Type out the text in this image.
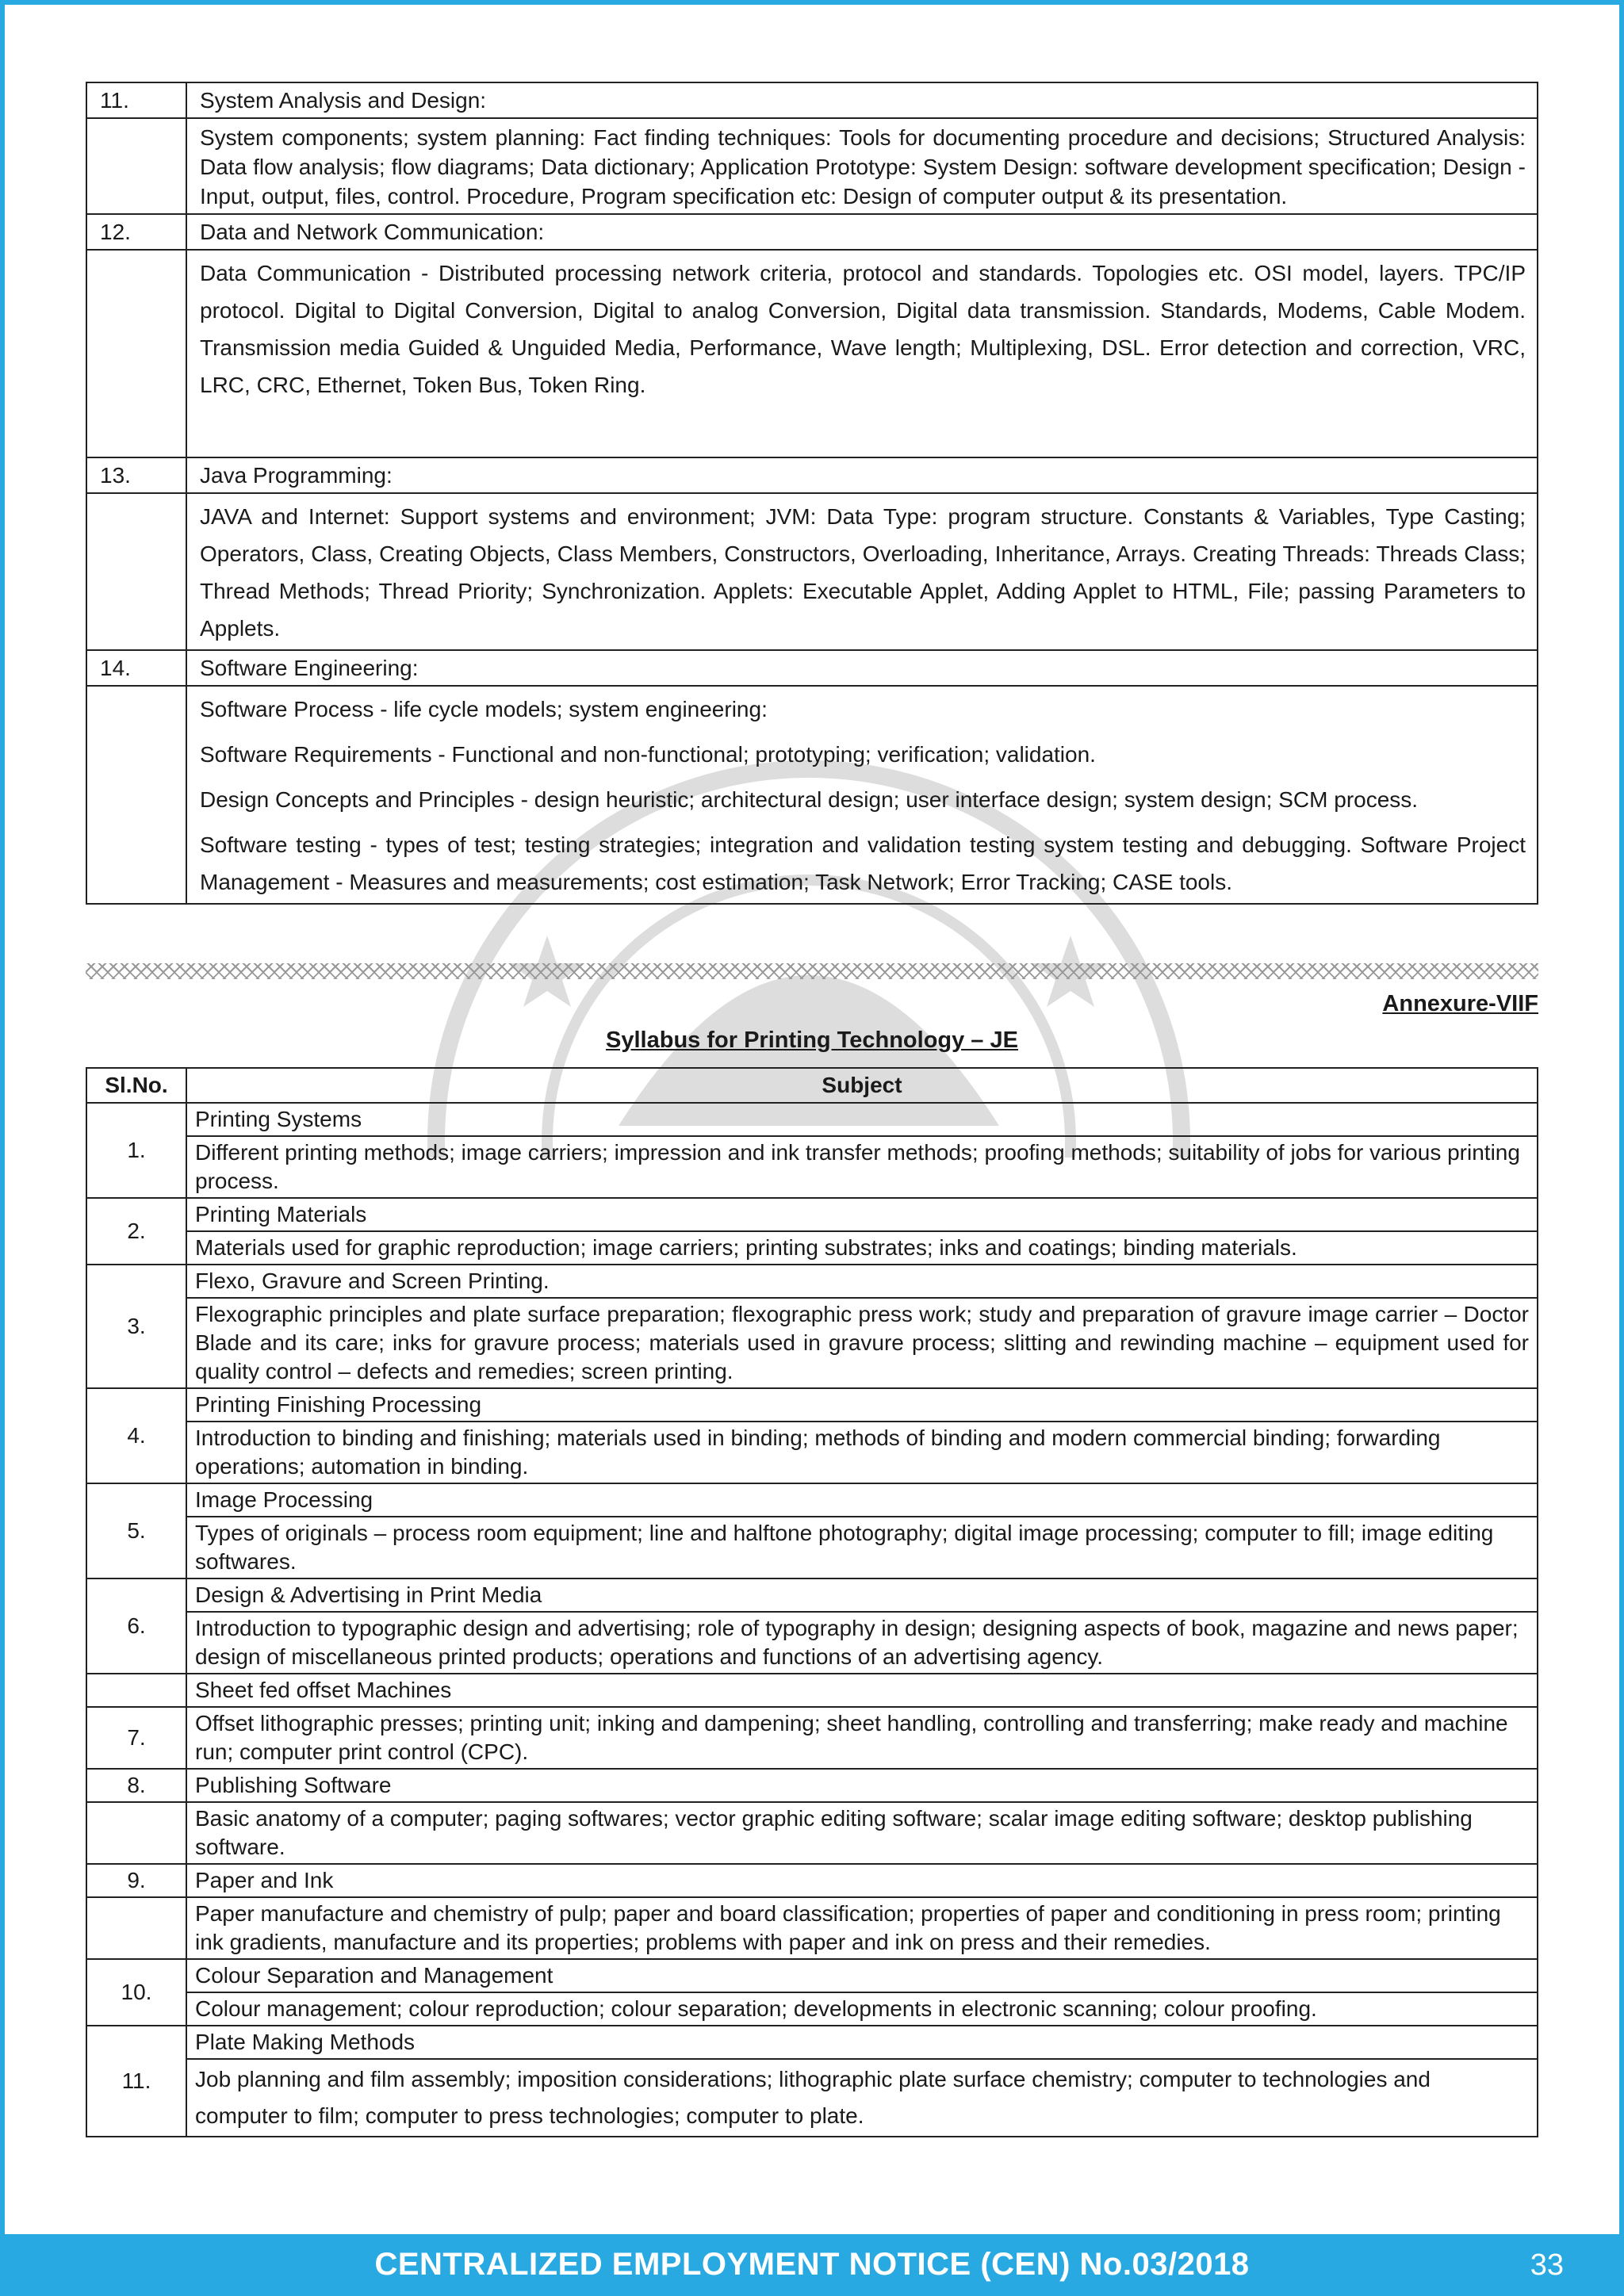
11.	System Analysis and Design:

	System components; system planning: Fact finding techniques: Tools for documenting procedure and decisions; Structured Analysis: Data flow analysis; flow diagrams; Data dictionary; Application Prototype: System Design: software development specification; Design - Input, output, files, control. Procedure, Program specification etc: Design of computer output & its presentation.

12.	Data and Network Communication:

	Data Communication - Distributed processing network criteria, protocol and standards. Topologies etc. OSI model, layers. TPC/IP protocol. Digital to Digital Conversion, Digital to analog Conversion, Digital data transmission. Standards, Modems, Cable Modem. Transmission media Guided & Unguided Media, Performance, Wave length; Multiplexing, DSL. Error detection and correction, VRC, LRC, CRC, Ethernet, Token Bus, Token Ring.

13.	Java Programming:

	JAVA and Internet: Support systems and environment; JVM: Data Type: program structure. Constants & Variables, Type Casting; Operators, Class, Creating Objects, Class Members, Constructors, Overloading, Inheritance, Arrays. Creating Threads: Threads Class; Thread Methods; Thread Priority; Synchronization. Applets: Executable Applet, Adding Applet to HTML, File; passing Parameters to Applets.

14.	Software Engineering:

	Software Process - life cycle models; system engineering:
Software Requirements - Functional and non-functional; prototyping; verification; validation.
Design Concepts and Principles - design heuristic; architectural design; user interface design; system design; SCM process.
Software testing - types of test; testing strategies; integration and validation testing system testing and debugging. Software Project Management - Measures and measurements; cost estimation; Task Network; Error Tracking; CASE tools.
Annexure-VIIF
Syllabus for Printing Technology – JE
Sl.No.	Subject
1.	Printing Systems
	Different printing methods; image carriers; impression and ink transfer methods; proofing methods; suitability of jobs for various printing process.
2.	Printing Materials
	Materials used for graphic reproduction; image carriers; printing substrates; inks and coatings; binding materials.
3.	Flexo, Gravure and Screen Printing.
	Flexographic principles and plate surface preparation; flexographic press work; study and preparation of gravure image carrier – Doctor Blade and its care; inks for gravure process; materials used in gravure process; slitting and rewinding machine – equipment used for quality control – defects and remedies; screen printing.
4.	Printing Finishing Processing
	Introduction to binding and finishing; materials used in binding; methods of binding and modern commercial binding; forwarding operations; automation in binding.
5.	Image Processing
	Types of originals – process room equipment; line and halftone photography; digital image processing; computer to fill; image editing softwares.
6.	Design & Advertising in Print Media
	Introduction to typographic design and advertising; role of typography in design; designing aspects of book, magazine and news paper; design of miscellaneous printed products; operations and functions of an advertising agency.
	Sheet fed offset Machines
7.	Offset lithographic presses; printing unit; inking and dampening; sheet handling, controlling and transferring; make ready and machine run; computer print control (CPC).
8.	Publishing Software
	Basic anatomy of a computer; paging softwares; vector graphic editing software; scalar image editing software; desktop publishing software.
9.	Paper and Ink
	Paper manufacture and chemistry of pulp; paper and board classification; properties of paper and conditioning in press room; printing ink gradients, manufacture and its properties; problems with paper and ink on press and their remedies.
10.	Colour Separation and Management
	Colour management; colour reproduction; colour separation; developments in electronic scanning; colour proofing.
11.	Plate Making Methods
	Job planning and film assembly; imposition considerations; lithographic plate surface chemistry; computer to technologies and computer to film; computer to press technologies; computer to plate.
CENTRALIZED EMPLOYMENT NOTICE (CEN) No.03/2018	33
